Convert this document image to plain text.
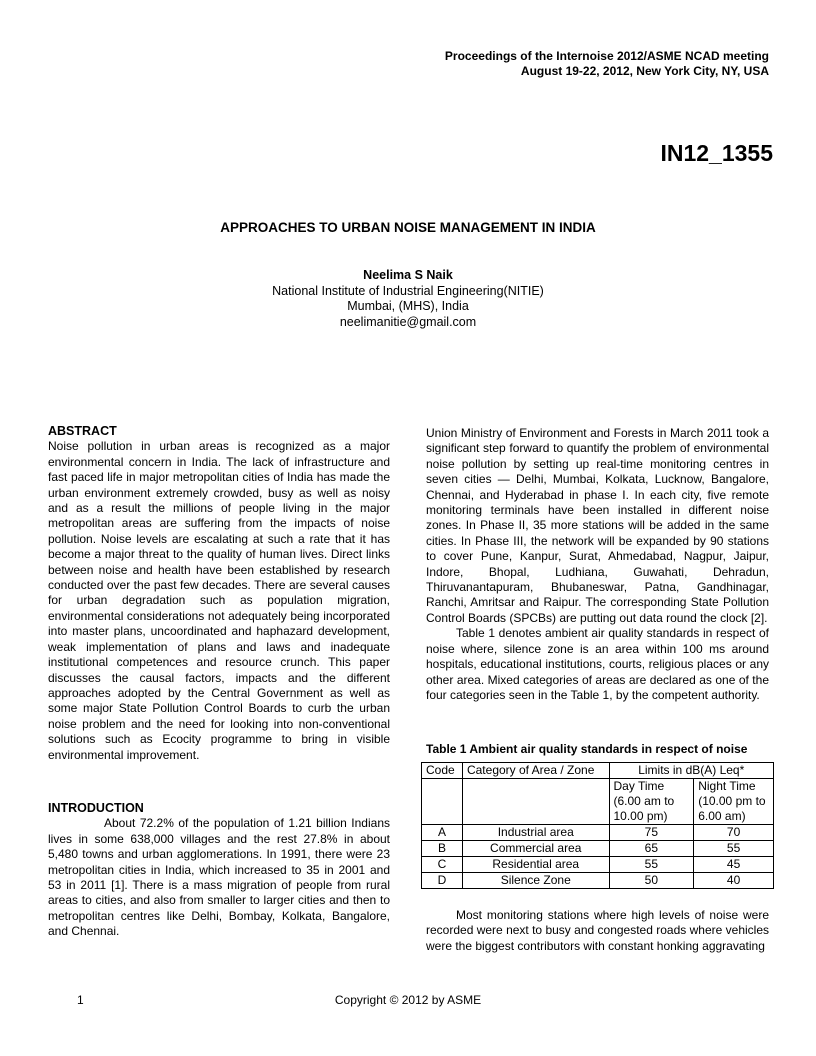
Proceedings of the Internoise 2012/ASME NCAD meeting
August 19-22, 2012, New York City, NY, USA
IN12_1355
APPROACHES TO URBAN NOISE MANAGEMENT IN INDIA
Neelima S Naik
National Institute of Industrial Engineering(NITIE)
Mumbai, (MHS), India
neelimanitie@gmail.com
ABSTRACT

Noise pollution in urban areas is recognized as a major environmental concern in India. The lack of infrastructure and fast paced life in major metropolitan cities of India has made the urban environment extremely crowded, busy as well as noisy and as a result the millions of people living in the major metropolitan areas are suffering from the impacts of noise pollution. Noise levels are escalating at such a rate that it has become a major threat to the quality of human lives. Direct links between noise and health have been established by research conducted over the past few decades. There are several causes for urban degradation such as population migration, environmental considerations not adequately being incorporated into master plans, uncoordinated and haphazard development, weak implementation of plans and laws and inadequate institutional competences and resource crunch. This paper discusses the causal factors, impacts and the different approaches adopted by the Central Government as well as some major State Pollution Control Boards to curb the urban noise problem and the need for looking into non-conventional solutions such as Ecocity programme to bring in visible environmental improvement.

INTRODUCTION

About 72.2% of the population of 1.21 billion Indians lives in some 638,000 villages and the rest 27.8% in about 5,480 towns and urban agglomerations. In 1991, there were 23 metropolitan cities in India, which increased to 35 in 2001 and 53 in 2011 [1]. There is a mass migration of people from rural areas to cities, and also from smaller to larger cities and then to metropolitan centres like Delhi, Bombay, Kolkata, Bangalore, and Chennai.

Union Ministry of Environment and Forests in March 2011 took a significant step forward to quantify the problem of environmental noise pollution by setting up real-time monitoring centres in seven cities — Delhi, Mumbai, Kolkata, Lucknow, Bangalore, Chennai, and Hyderabad in phase I. In each city, five remote monitoring terminals have been installed in different noise zones. In Phase II, 35 more stations will be added in the same cities. In Phase III, the network will be expanded by 90 stations to cover Pune, Kanpur, Surat, Ahmedabad, Nagpur, Jaipur, Indore, Bhopal, Ludhiana, Guwahati, Dehradun, Thiruvanantapuram, Bhubaneswar, Patna, Gandhinagar, Ranchi, Amritsar and Raipur. The corresponding State Pollution Control Boards (SPCBs) are putting out data round the clock [2].

Table 1 denotes ambient air quality standards in respect of noise where, silence zone is an area within 100 ms around hospitals, educational institutions, courts, religious places or any other area. Mixed categories of areas are declared as one of the four categories seen in the Table 1, by the competent authority.

Table 1 Ambient air quality standards in respect of noise
Code	Category of Area / Zone	Limits in dB(A) Leq*	
		Day Time (6.00 am to 10.00 pm)	Night Time (10.00 pm to 6.00 am)
A	Industrial area	75	70
B	Commercial area	65	55
C	Residential area	55	45
D	Silence Zone	50	40

Most monitoring stations where high levels of noise were recorded were next to busy and congested roads where vehicles were the biggest contributors with constant honking aggravating

1	Copyright © 2012 by ASME
